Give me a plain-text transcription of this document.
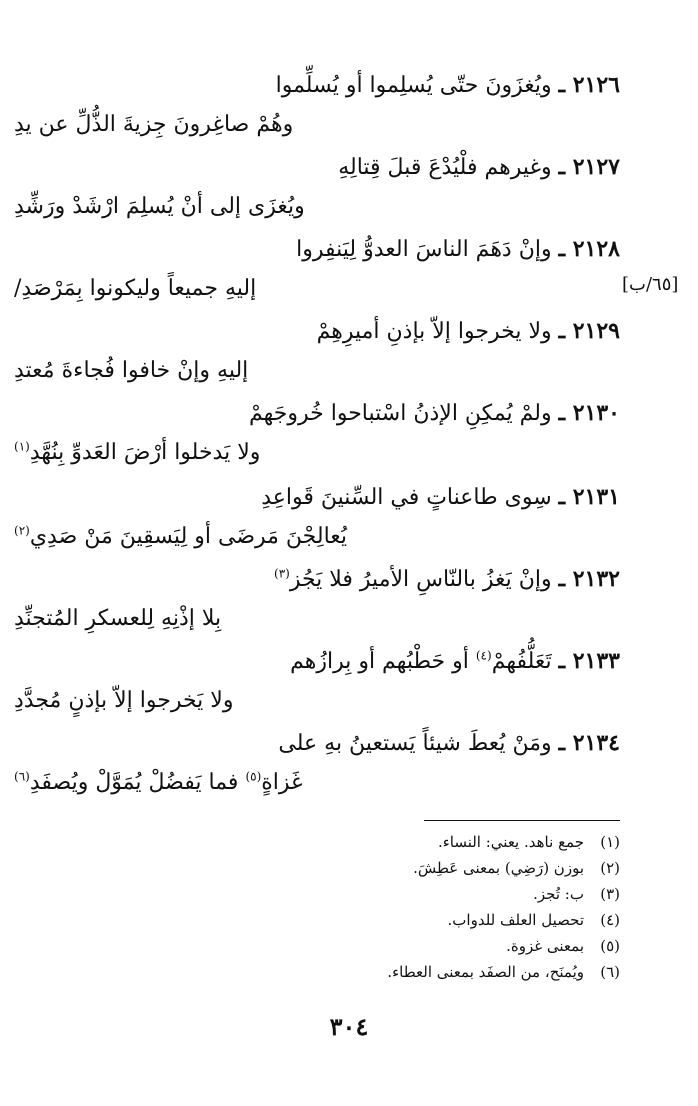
٢١٢٦ ـ ويُغزَونَ حتّى يُسلِموا أو يُسلِّموا
وهُمْ صاغِرونَ جِزيةَ الذُّلِّ عن يدِ
٢١٢٧ ـ وغيرهم فلْيُدْعَ قبلَ قِتالِهِ
ويُغزَى إلى أنْ يُسلِمَ ارْشَدْ ورَشِّدِ
٢١٢٨ ـ وإنْ دَهَمَ الناسَ العدوُّ لِيَنفِروا
إليهِ جميعاً وليكونوا بِمَرْصَدِ/	[٦٥/ب]
٢١٢٩ ـ ولا يخرجوا إلاّ بإذنِ أميرِهِمْ
إليهِ وإنْ خافوا فُجاءةَ مُعتدِ
٢١٣٠ ـ ولمْ يُمكِنِ الإذنُ اسْتباحوا خُروجَهمْ
ولا يَدخلوا أرْضَ العَدوِّ بِنُهَّدِ$^{(١)}$
٢١٣١ ـ سِوى طاعناتٍ في السِّنينَ قَواعِدِ
يُعالِجْنَ مَرضَى أو لِيَسقِينَ مَنْ صَدِي$^{(٢)}$
٢١٣٢ ـ وإنْ يَغزُ بالنّاسِ الأميرُ فلا يَجُز$^{(٣)}$
بِلا إذْنِهِ لِلعسكرِ المُتجنِّدِ
٢١٣٣ ـ تَعَلُّفُهمْ$^{(٤)}$ أو حَطْبُهم أو بِرازُهم
ولا يَخرجوا إلاّ بإذنٍ مُجدَّدِ
٢١٣٤ ـ ومَنْ يُعطَ شيئاً يَستعينُ بهِ على
غَزاةٍ$^{(٥)}$ فما يَفضُلْ يُمَوَّلْ ويُصفَدِ$^{(٦)}$
(١)جمع ناهد. يعني: النساء.
(٢)بوزن (رَضِي) بمعنى عَطِشَ.
(٣)ب: تُجز.
(٤)تحصيل العلف للدواب.
(٥)بمعنى غزوة.
(٦)ويُمنَح، من الصفَد بمعنى العطاء.
٣٠٤
